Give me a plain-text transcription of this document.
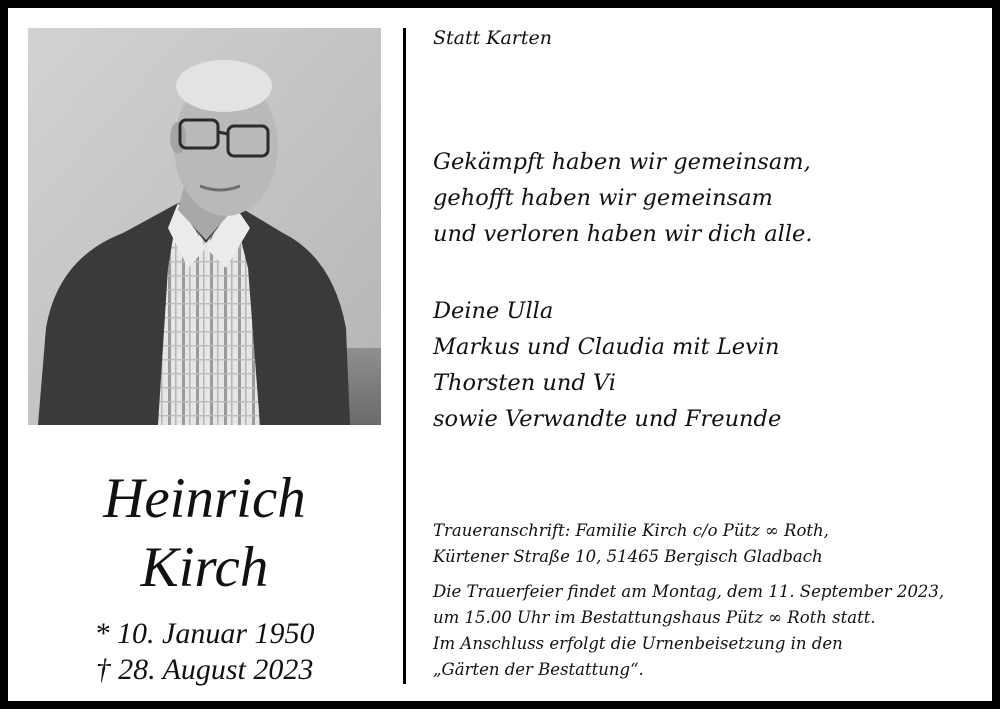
Heinrich
Kirch
* 10. Januar 1950
† 28. August 2023
Statt Karten
Gekämpft haben wir gemeinsam,
gehofft haben wir gemeinsam
und verloren haben wir dich alle.
Deine Ulla
Markus und Claudia mit Levin
Thorsten und Vi
sowie Verwandte und Freunde
Traueranschrift: Familie Kirch c/o Pütz ∞ Roth,
Kürtener Straße 10, 51465 Bergisch Gladbach
Die Trauerfeier findet am Montag, dem 11. September 2023,
um 15.00 Uhr im Bestattungshaus Pütz ∞ Roth statt.
Im Anschluss erfolgt die Urnenbeisetzung in den
„Gärten der Bestattung“.
